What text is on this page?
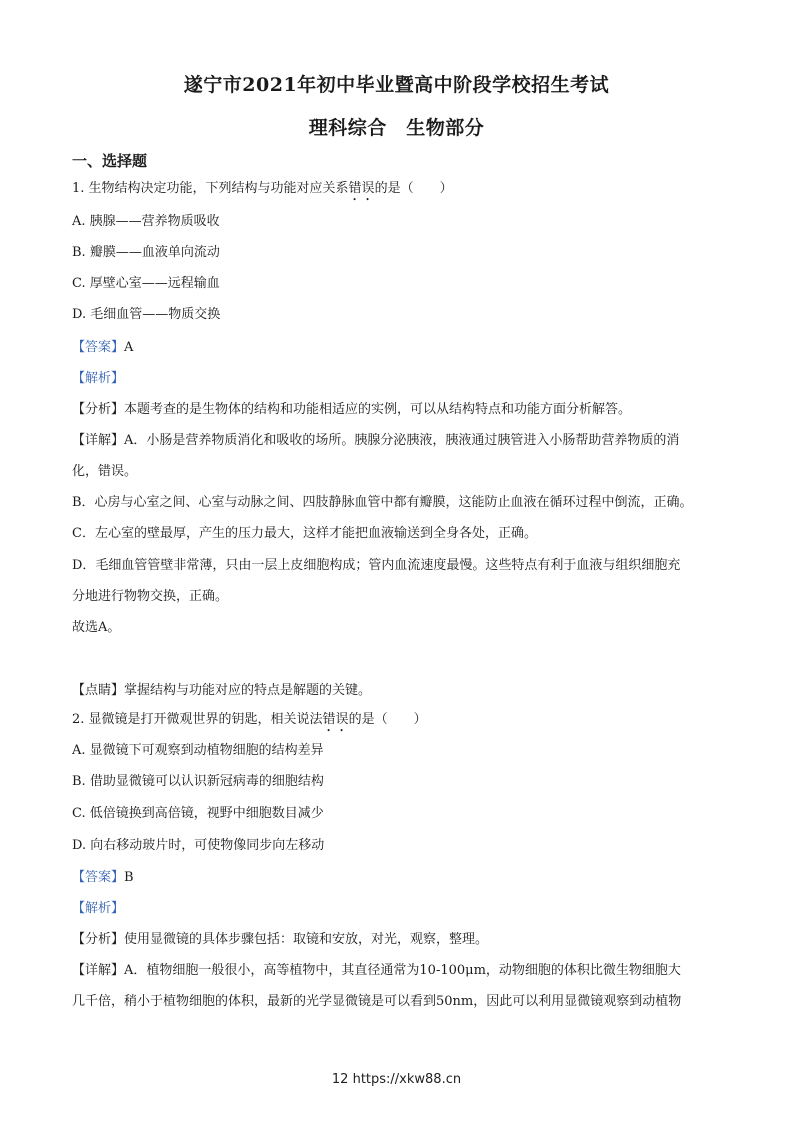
遂宁市2021年初中毕业暨高中阶段学校招生考试
理科综合　生物部分
一、选择题
1. 生物结构决定功能，下列结构与功能对应关系错误的是（　　）
A. 胰腺——营养物质吸收
B. 瓣膜——血液单向流动
C. 厚壁心室——远程输血
D. 毛细血管——物质交换
【答案】A
【解析】
【分析】本题考查的是生物体的结构和功能相适应的实例，可以从结构特点和功能方面分析解答。
【详解】A．小肠是营养物质消化和吸收的场所。胰腺分泌胰液，胰液通过胰管进入小肠帮助营养物质的消
化，错误。
B．心房与心室之间、心室与动脉之间、四肢静脉血管中都有瓣膜，这能防止血液在循环过程中倒流，正确。
C．左心室的壁最厚，产生的压力最大，这样才能把血液输送到全身各处，正确。
D．毛细血管管壁非常薄，只由一层上皮细胞构成；管内血流速度最慢。这些特点有利于血液与组织细胞充
分地进行物物交换，正确。
故选A。
【点睛】掌握结构与功能对应的特点是解题的关键。
2. 显微镜是打开微观世界的钥匙，相关说法错误的是（　　）
A. 显微镜下可观察到动植物细胞的结构差异
B. 借助显微镜可以认识新冠病毒的细胞结构
C. 低倍镜换到高倍镜，视野中细胞数目减少
D. 向右移动玻片时，可使物像同步向左移动
【答案】B
【解析】
【分析】使用显微镜的具体步骤包括：取镜和安放，对光，观察，整理。
【详解】A．植物细胞一般很小，高等植物中，其直径通常为10-100μm，动物细胞的体积比微生物细胞大
几千倍，稍小于植物细胞的体积，最新的光学显微镜是可以看到50nm，因此可以利用显微镜观察到动植物
12 https://xkw88.cn
